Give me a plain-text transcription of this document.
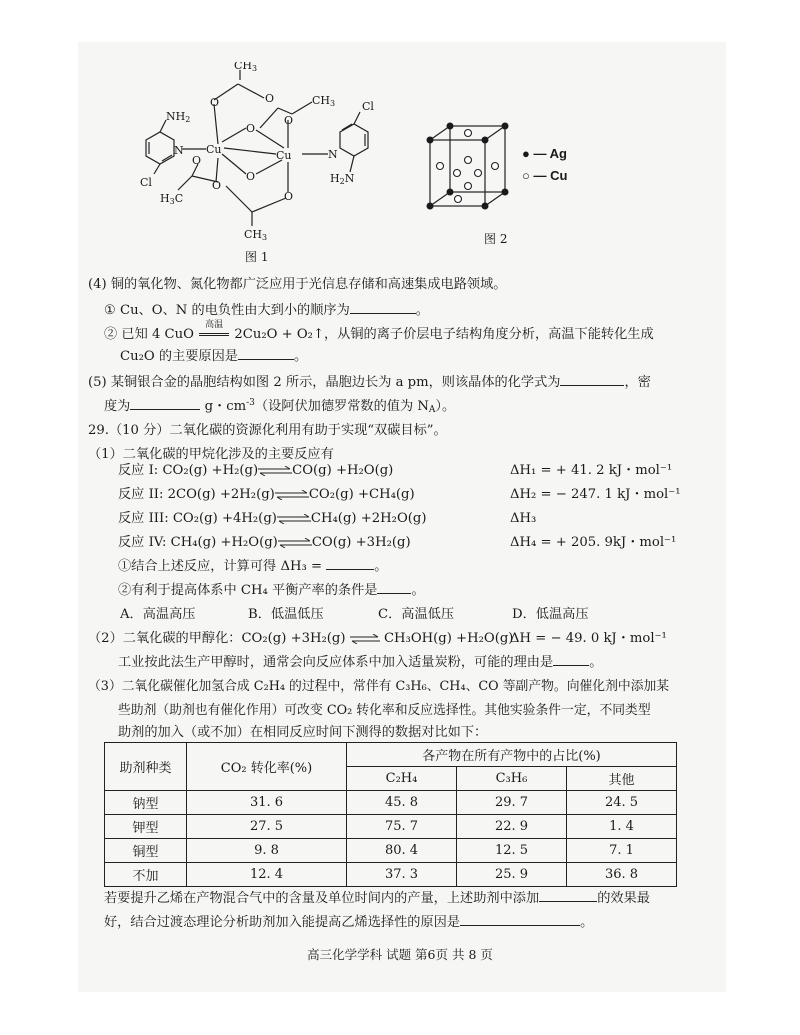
Cu	Cu
N	N
O
O
O
O
O
O
O
O
CH3
CH3
CH3
H3C
NH2
H2N
Cl
Cl
图 1
● — Ag
○ — Cu
图 2
(4) 铜的氧化物、氮化物都广泛应用于光信息存储和高速集成电路领域。
① Cu、O、N 的电负性由大到小的顺序为	。
② 已知 4 CuO
高温
2Cu₂O + O₂↑，从铜的离子价层电子结构角度分析，高温下能转化生成
Cu₂O 的主要原因是	。
(5) 某铜银合金的晶胞结构如图 2 所示，晶胞边长为 a pm，则该晶体的化学式为	，密
度为	g・$cm^{-3}$（设阿伏加德罗常数的值为 $N_A$）。
29.（10 分）二氧化碳的资源化利用有助于实现“双碳目标”。
（1）二氧化碳的甲烷化涉及的主要反应有
反应 I: CO₂(g) +H₂(g)⇌CO(g) +H₂O(g)	ΔH₁ = + 41. 2 kJ・mol⁻¹
反应 II: 2CO(g) +2H₂(g)⇌CO₂(g) +CH₄(g)	ΔH₂ = − 247. 1 kJ・mol⁻¹
反应 III: CO₂(g) +4H₂(g)⇌CH₄(g) +2H₂O(g)	ΔH₃
反应 IV: CH₄(g) +H₂O(g)⇌CO(g) +3H₂(g)	ΔH₄ = + 205. 9kJ・mol⁻¹
①结合上述反应，计算可得 ΔH₃ =	。
②有利于提高体系中 CH₄ 平衡产率的条件是	。
A．高温高压	B．低温低压	C．高温低压	D．低温高压
（2）二氧化碳的甲醇化：CO₂(g) +3H₂(g) ⇌ CH₃OH(g) +H₂O(g)
ΔH = − 49. 0 kJ・mol⁻¹
工业按此法生产甲醇时，通常会向反应体系中加入适量炭粉，可能的理由是	。
（3）二氧化碳催化加氢合成 C₂H₄ 的过程中，常伴有 C₃H₆、CH₄、CO 等副产物。向催化剂中添加某
些助剂（助剂也有催化作用）可改变 CO₂ 转化率和反应选择性。其他实验条件一定，不同类型
助剂的加入（或不加）在相同反应时间下测得的数据对比如下：
助剂种类	CO₂ 转化率(%)	各产物在所有产物中的占比(%)		
		C₂H₄	C₃H₆	其他
钠型	31. 6	45. 8	29. 7	24. 5
钾型	27. 5	75. 7	22. 9	1. 4
铜型	9. 8	80. 4	12. 5	7. 1
不加	12. 4	37. 3	25. 9	36. 8
若要提升乙烯在产物混合气中的含量及单位时间内的产量，上述助剂中添加	的效果最
好，结合过渡态理论分析助剂加入能提高乙烯选择性的原因是	。
高三化学学科 试题 第6页 共 8 页
